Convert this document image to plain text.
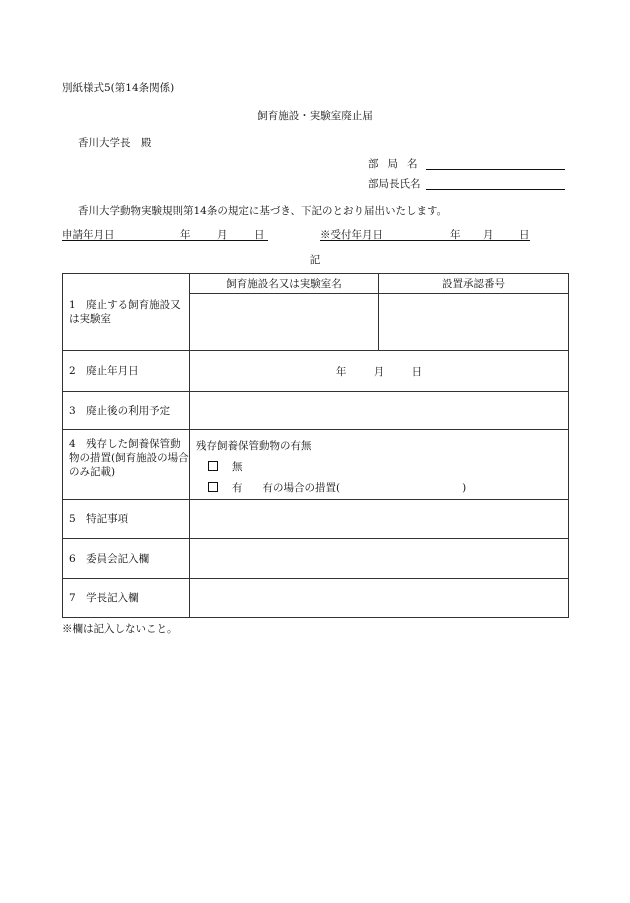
別紙様式5(第14条関係)
飼育施設・実験室廃止届
香川大学長　殿
部局名
部局長氏名
香川大学動物実験規則第14条の規定に基づき、下記のとおり届出いたします。
申請年月日	年	月	日	※受付年月日	年 月 日
記
1　廃止する飼育施設又は実験室	飼育施設名又は実験室名	設置承認番号

2　廃止年月日	年 月 日	
3　廃止後の利用予定		
4　残存した飼養保管動物の措置(飼育施設の場合のみ記載)	残存飼養保管動物の有無
無
有 有の場合の措置( )	

5　特記事項		
6　委員会記入欄		
7　学長記入欄		
※欄は記入しないこと。
